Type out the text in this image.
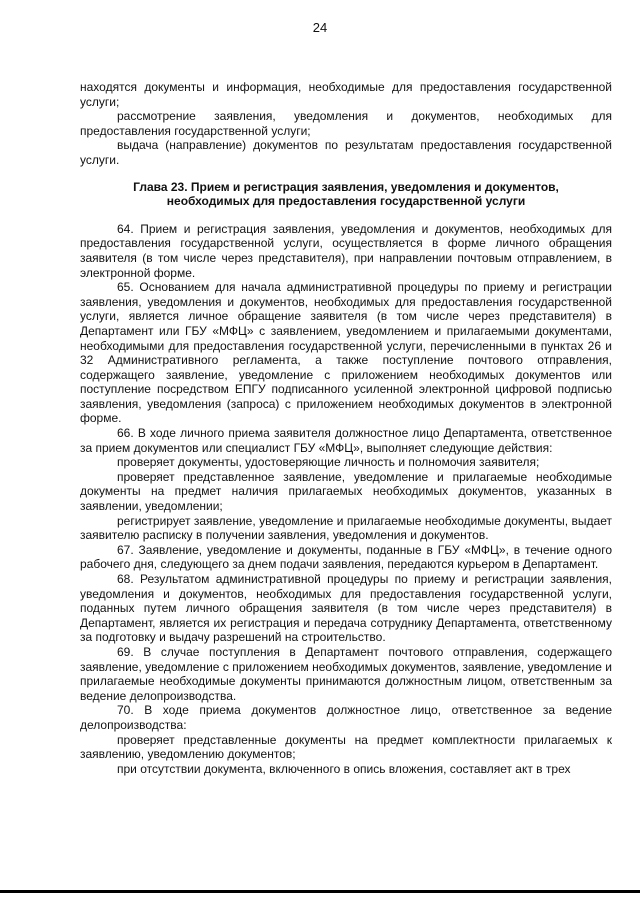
24

находятся документы и информация, необходимые для предоставления государственной услуги;

рассмотрение заявления, уведомления и документов, необходимых для предоставления государственной услуги;

выдача (направление) документов по результатам предоставления государственной услуги.

Глава 23. Прием и регистрация заявления, уведомления и документов,
необходимых для предоставления государственной услуги

64. Прием и регистрация заявления, уведомления и документов, необходимых для предоставления государственной услуги, осуществляется в форме личного обращения заявителя (в том числе через представителя), при направлении почтовым отправлением, в электронной форме.

65. Основанием для начала административной процедуры по приему и регистрации заявления, уведомления и документов, необходимых для предоставления государственной услуги, является личное обращение заявителя (в том числе через представителя) в Департамент или ГБУ «МФЦ» с заявлением, уведомлением и прилагаемыми документами, необходимыми для предоставления государственной услуги, перечисленными в пунктах 26 и 32 Административного регламента, а также поступление почтового отправления, содержащего заявление, уведомление с приложением необходимых документов или поступление посредством ЕПГУ подписанного усиленной электронной цифровой подписью заявления, уведомления (запроса) с приложением необходимых документов в электронной форме.

66. В ходе личного приема заявителя должностное лицо Департамента, ответственное за прием документов или специалист ГБУ «МФЦ», выполняет следующие действия:

проверяет документы, удостоверяющие личность и полномочия заявителя;

проверяет представленное заявление, уведомление и прилагаемые необходимые документы на предмет наличия прилагаемых необходимых документов, указанных в заявлении, уведомлении;

регистрирует заявление, уведомление и прилагаемые необходимые документы, выдает заявителю расписку в получении заявления, уведомления и документов.

67. Заявление, уведомление и документы, поданные в ГБУ «МФЦ», в течение одного рабочего дня, следующего за днем подачи заявления, передаются курьером в Департамент.

68. Результатом административной процедуры по приему и регистрации заявления, уведомления и документов, необходимых для предоставления государственной услуги, поданных путем личного обращения заявителя (в том числе через представителя) в Департамент, является их регистрация и передача сотруднику Департамента, ответственному за подготовку и выдачу разрешений на строительство.

69. В случае поступления в Департамент почтового отправления, содержащего заявление, уведомление с приложением необходимых документов, заявление, уведомление и прилагаемые необходимые документы принимаются должностным лицом, ответственным за ведение делопроизводства.

70. В ходе приема документов должностное лицо, ответственное за ведение делопроизводства:

проверяет представленные документы на предмет комплектности прилагаемых к заявлению, уведомлению документов;

при отсутствии документа, включенного в опись вложения, составляет акт в трех
